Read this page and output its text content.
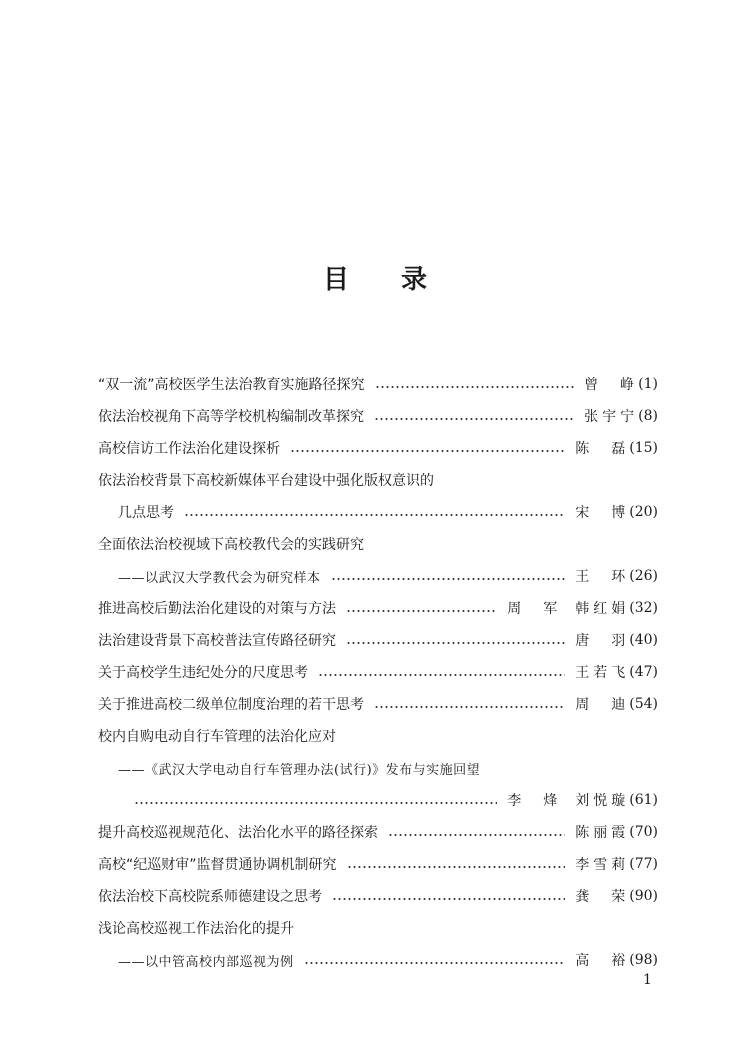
目录
“双一流”高校医学生法治教育实施路径探究	曾　峥 (1)
依法治校视角下高等学校机构编制改革探究	张宇宁 (8)
高校信访工作法治化建设探析	陈　磊 (15)
依法治校背景下高校新媒体平台建设中强化版权意识的
几点思考	宋　博 (20)
全面依法治校视域下高校教代会的实践研究
——以武汉大学教代会为研究样本	王　环 (26)
推进高校后勤法治化建设的对策与方法	周　军 韩红娟 (32)
法治建设背景下高校普法宣传路径研究	唐　羽 (40)
关于高校学生违纪处分的尺度思考	王若飞 (47)
关于推进高校二级单位制度治理的若干思考	周　迪 (54)
校内自购电动自行车管理的法治化应对
——《武汉大学电动自行车管理办法(试行)》发布与实施回望
李　烽 刘悦璇 (61)
提升高校巡视规范化、法治化水平的路径探索	陈丽霞 (70)
高校“纪巡财审”监督贯通协调机制研究	李雪莉 (77)
依法治校下高校院系师德建设之思考	龚　荣 (90)
浅论高校巡视工作法治化的提升
——以中管高校内部巡视为例	高　裕 (98)
1
